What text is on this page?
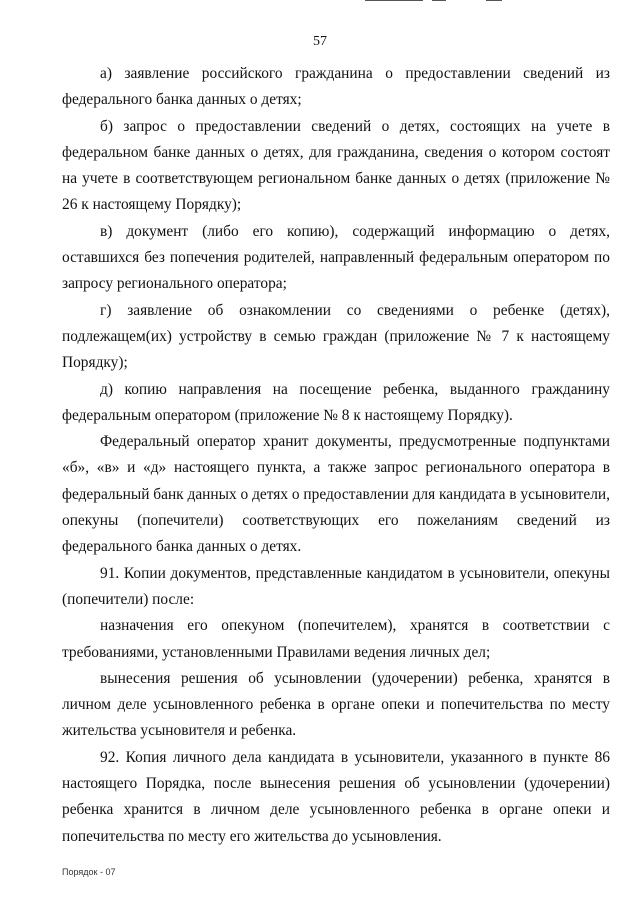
57

а) заявление российского гражданина о предоставлении сведений из федерального банка данных о детях;

б) запрос о предоставлении сведений о детях, состоящих на учете в федеральном банке данных о детях, для гражданина, сведения о котором состоят на учете в соответствующем региональном банке данных о детях (приложение № 26 к настоящему Порядку);

в) документ (либо его копию), содержащий информацию о детях, оставшихся без попечения родителей, направленный федеральным оператором по запросу регионального оператора;

г) заявление об ознакомлении со сведениями о ребенке (детях), подлежащем(их) устройству в семью граждан (приложение № 7 к настоящему Порядку);

д) копию направления на посещение ребенка, выданного гражданину федеральным оператором (приложение № 8 к настоящему Порядку).

Федеральный оператор хранит документы, предусмотренные подпунктами «б», «в» и «д» настоящего пункта, а также запрос регионального оператора в федеральный банк данных о детях о предоставлении для кандидата в усыновители, опекуны (попечители) соответствующих его пожеланиям сведений из федерального банка данных о детях.

91. Копии документов, представленные кандидатом в усыновители, опекуны (попечители) после:

назначения его опекуном (попечителем), хранятся в соответствии с требованиями, установленными Правилами ведения личных дел;

вынесения решения об усыновлении (удочерении) ребенка, хранятся в личном деле усыновленного ребенка в органе опеки и попечительства по месту жительства усыновителя и ребенка.

92. Копия личного дела кандидата в усыновители, указанного в пункте 86 настоящего Порядка, после вынесения решения об усыновлении (удочерении) ребенка хранится в личном деле усыновленного ребенка в органе опеки и попечительства по месту его жительства до усыновления.

Порядок - 07
